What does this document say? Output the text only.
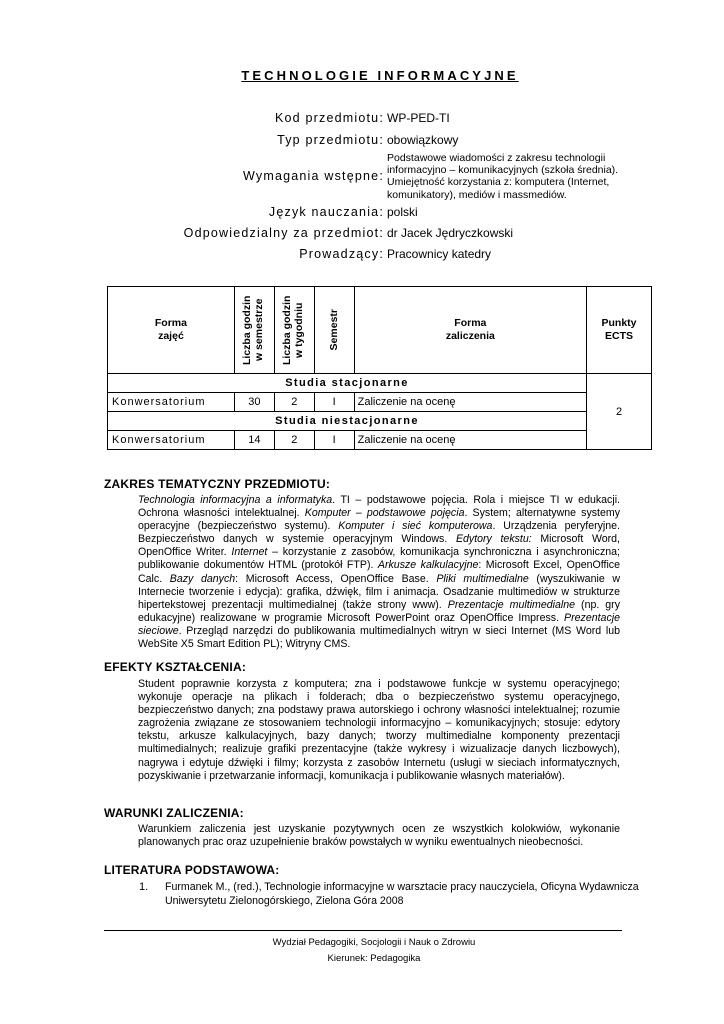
TECHNOLOGIE INFORMACYJNE
Kod przedmiotu: WP-PED-TI
Typ przedmiotu: obowiązkowy
Wymagania wstępne:
Podstawowe wiadomości z zakresu technologii informacyjno – komunikacyjnych (szkoła średnia). Umiejętność korzystania z: komputera (Internet, komunikatory), mediów i massmediów.
Język nauczania: polski
Odpowiedzialny za przedmiot: dr Jacek Jędryczkowski
Prowadzący: Pracownicy katedry
Forma zajęć	Liczba godzin w semestrze	Liczba godzin w tygodniu	Semestr	Forma zaliczenia	Punkty ECTS
Studia stacjonarne					2
Konwersatorium	30	2	I	Zaliczenie na ocenę	
Studia niestacjonarne					
Konwersatorium	14	2	I	Zaliczenie na ocenę	
ZAKRES TEMATYCZNY PRZEDMIOTU:

Technologia informacyjna a informatyka. TI – podstawowe pojęcia. Rola i miejsce TI w edukacji. Ochrona własności intelektualnej. Komputer – podstawowe pojęcia. System; alternatywne systemy operacyjne (bezpieczeństwo systemu). Komputer i sieć komputerowa. Urządzenia peryferyjne. Bezpieczeństwo danych w systemie operacyjnym Windows. Edytory tekstu: Microsoft Word, OpenOffice Writer. Internet – korzystanie z zasobów, komunikacja synchroniczna i asynchroniczna; publikowanie dokumentów HTML (protokół FTP). Arkusze kalkulacyjne: Microsoft Excel, OpenOffice Calc. Bazy danych: Microsoft Access, OpenOffice Base. Pliki multimedialne (wyszukiwanie w Internecie tworzenie i edycja): grafika, dźwięk, film i animacja. Osadzanie multimediów w strukturze hipertekstowej prezentacji multimedialnej (także strony www). Prezentacje multimedialne (np. gry edukacyjne) realizowane w programie Microsoft PowerPoint oraz OpenOffice Impress. Prezentacje sieciowe. Przegląd narzędzi do publikowania multimedialnych witryn w sieci Internet (MS Word lub WebSite X5 Smart Edition PL); Witryny CMS.

EFEKTY KSZTAŁCENIA:

Student poprawnie korzysta z komputera; zna i podstawowe funkcje w systemu operacyjnego; wykonuje operacje na plikach i folderach; dba o bezpieczeństwo systemu operacyjnego, bezpieczeństwo danych; zna podstawy prawa autorskiego i ochrony własności intelektualnej; rozumie zagrożenia związane ze stosowaniem technologii informacyjno – komunikacyjnych; stosuje: edytory tekstu, arkusze kalkulacyjnych, bazy danych; tworzy multimedialne komponenty prezentacji multimedialnych; realizuje grafiki prezentacyjne (także wykresy i wizualizacje danych liczbowych), nagrywa i edytuje dźwięki i filmy; korzysta z zasobów Internetu (usługi w sieciach informatycznych, pozyskiwanie i przetwarzanie informacji, komunikacja i publikowanie własnych materiałów).

WARUNKI ZALICZENIA:

Warunkiem zaliczenia jest uzyskanie pozytywnych ocen ze wszystkich kolokwiów, wykonanie planowanych prac oraz uzupełnienie braków powstałych w wyniku ewentualnych nieobecności.

LITERATURA PODSTAWOWA:
1. Furmanek M., (red.), Technologie informacyjne w warsztacie pracy nauczyciela, Oficyna Wydawnicza Uniwersytetu Zielonogórskiego, Zielona Góra 2008
Wydział Pedagogiki, Socjologii i Nauk o Zdrowiu
Kierunek: Pedagogika
